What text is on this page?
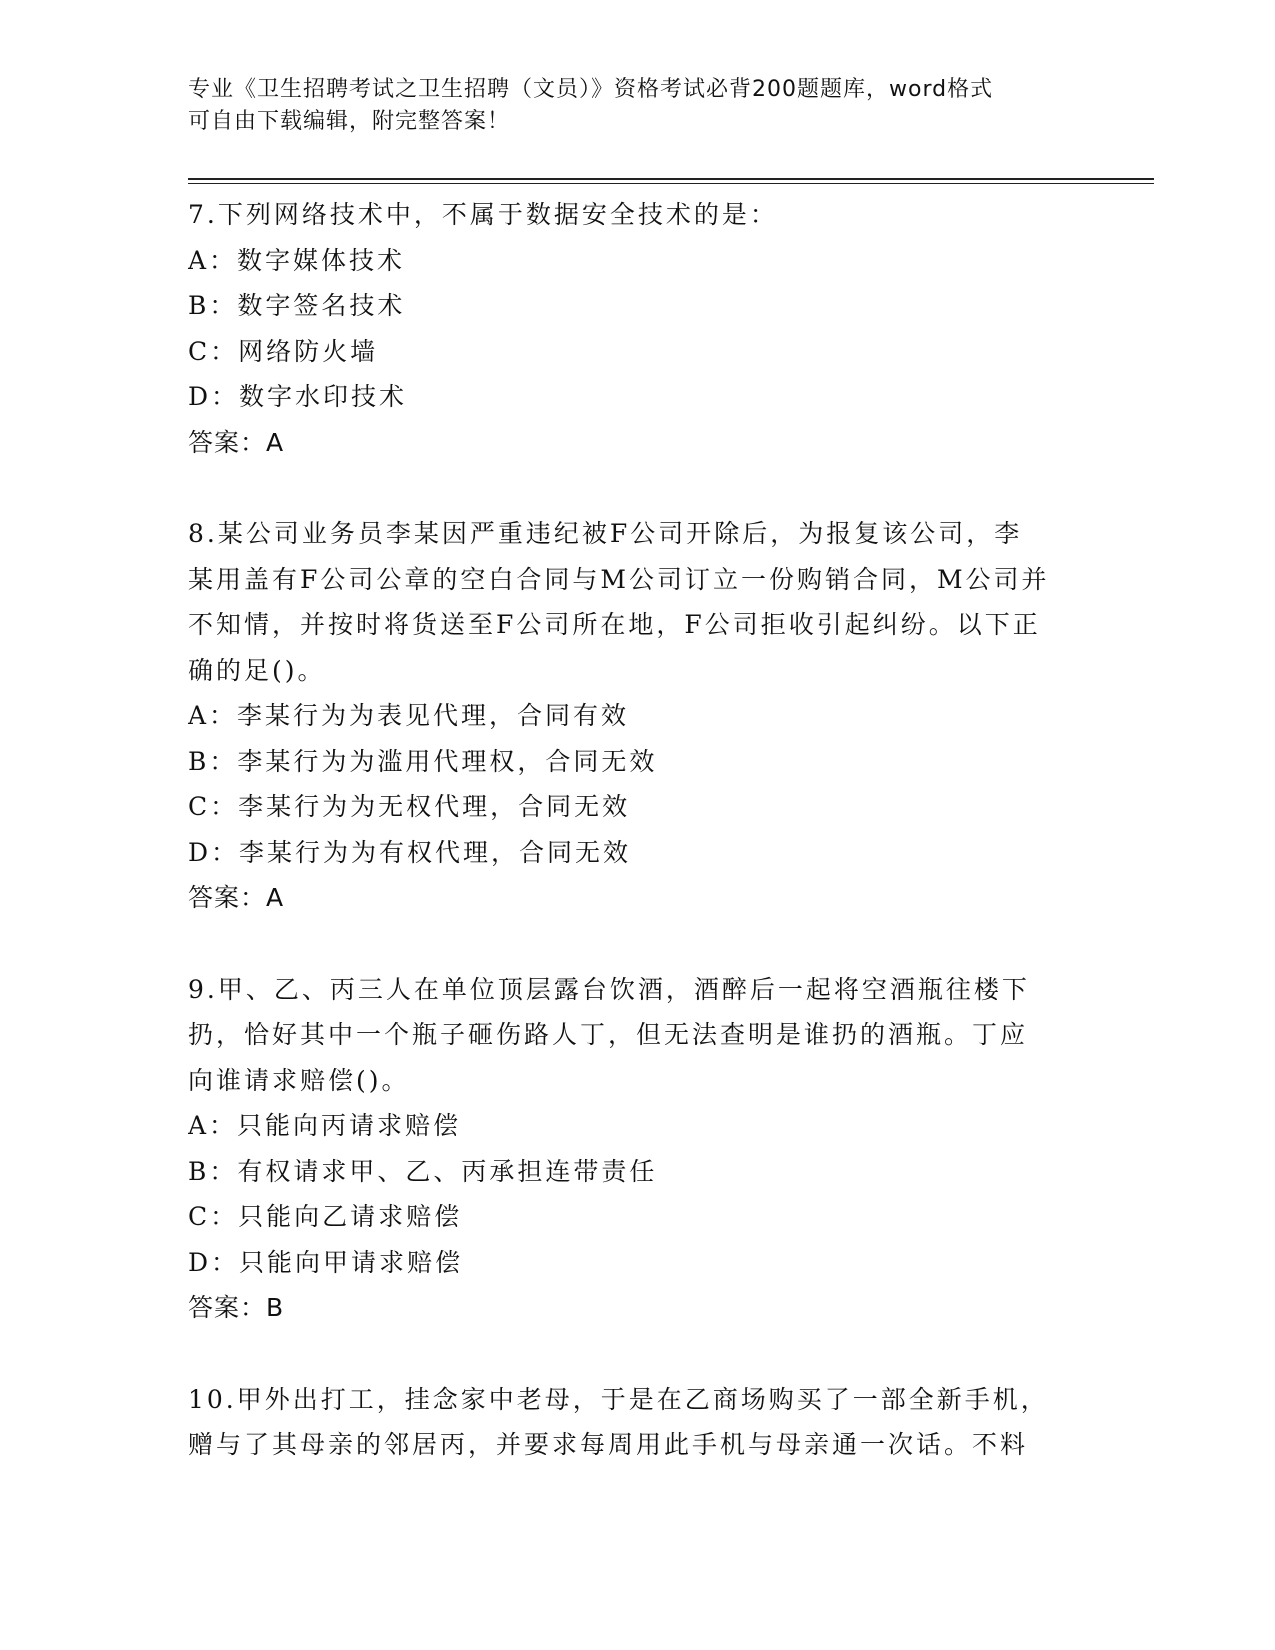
专业《卫生招聘考试之卫生招聘（文员）》资格考试必背200题题库，word格式
可自由下载编辑，附完整答案！
7.下列网络技术中，不属于数据安全技术的是：
A：数字媒体技术
B：数字签名技术
C：网络防火墙
D：数字水印技术
答案：A
8.某公司业务员李某因严重违纪被F公司开除后，为报复该公司，李
某用盖有F公司公章的空白合同与M公司订立一份购销合同，M公司并
不知情，并按时将货送至F公司所在地，F公司拒收引起纠纷。以下正
确的足()。
A：李某行为为表见代理，合同有效
B：李某行为为滥用代理权，合同无效
C：李某行为为无权代理，合同无效
D：李某行为为有权代理，合同无效
答案：A
9.甲、乙、丙三人在单位顶层露台饮酒，酒醉后一起将空酒瓶往楼下
扔，恰好其中一个瓶子砸伤路人丁，但无法查明是谁扔的酒瓶。丁应
向谁请求赔偿()。
A：只能向丙请求赔偿
B：有权请求甲、乙、丙承担连带责任
C：只能向乙请求赔偿
D：只能向甲请求赔偿
答案：B
10.甲外出打工，挂念家中老母，于是在乙商场购买了一部全新手机，
赠与了其母亲的邻居丙，并要求每周用此手机与母亲通一次话。不料
